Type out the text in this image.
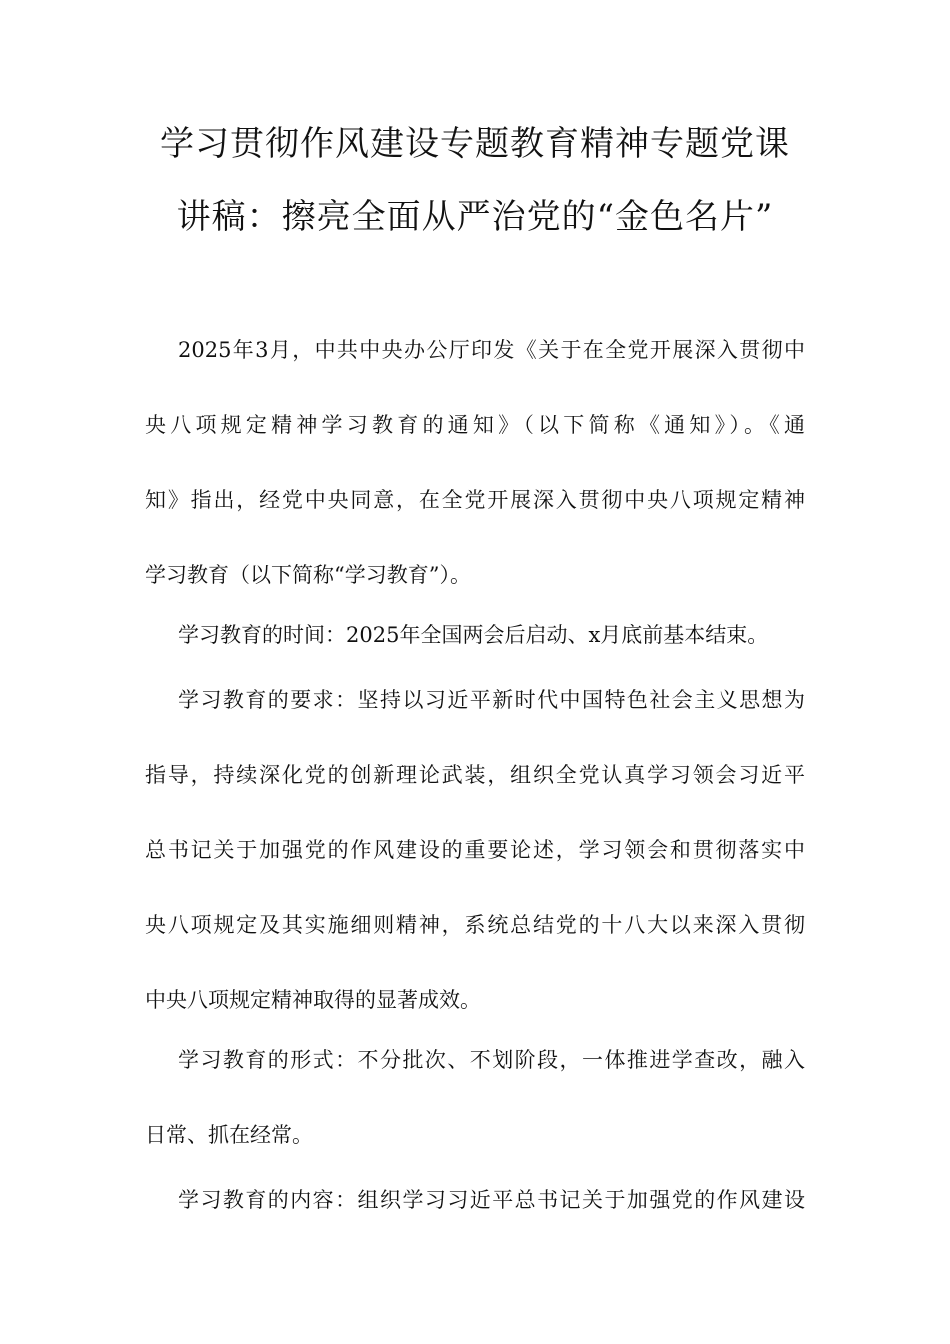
学习贯彻作风建设专题教育精神专题党课
讲稿：擦亮全面从严治党的“金色名片”
2025年3月，中共中央办公厅印发《关于在全党开展深入贯彻中
央八项规定精神学习教育的通知》（以下简称《通知》）。《通
知》指出，经党中央同意，在全党开展深入贯彻中央八项规定精神
学习教育（以下简称“学习教育”）。
学习教育的时间：2025年全国两会后启动、x月底前基本结束。
学习教育的要求：坚持以习近平新时代中国特色社会主义思想为
指导，持续深化党的创新理论武装，组织全党认真学习领会习近平
总书记关于加强党的作风建设的重要论述，学习领会和贯彻落实中
央八项规定及其实施细则精神，系统总结党的十八大以来深入贯彻
中央八项规定精神取得的显著成效。
学习教育的形式：不分批次、不划阶段，一体推进学查改，融入
日常、抓在经常。
学习教育的内容：组织学习习近平总书记关于加强党的作风建设
